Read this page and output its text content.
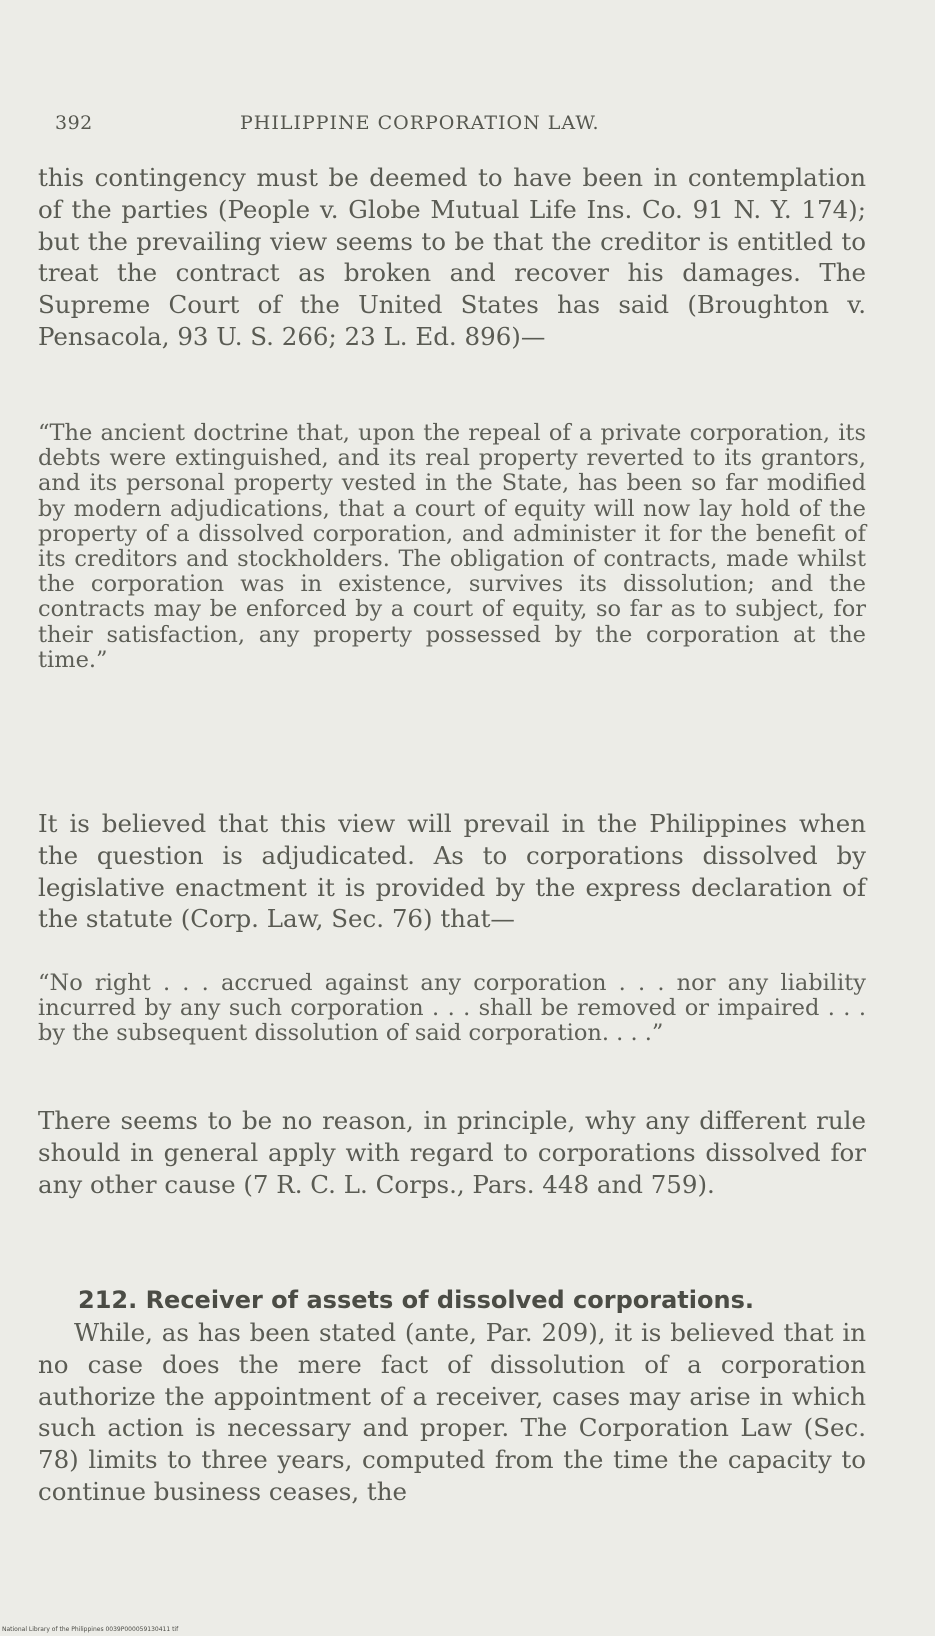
392	PHILIPPINE CORPORATION LAW.

this contingency must be deemed to have been in contemplation of the parties (People v. Globe Mutual Life Ins. Co. 91 N. Y. 174); but the prevailing view seems to be that the creditor is entitled to treat the contract as broken and recover his damages. The Supreme Court of the United States has said (Broughton v. Pensacola, 93 U. S. 266; 23 L. Ed. 896)—

“The ancient doctrine that, upon the repeal of a private corporation, its debts were extinguished, and its real property reverted to its grantors, and its personal property vested in the State, has been so far modified by modern adjudications, that a court of equity will now lay hold of the property of a dissolved corporation, and administer it for the benefit of its creditors and stockholders. The obligation of contracts, made whilst the corporation was in existence, survives its dissolution; and the contracts may be enforced by a court of equity, so far as to subject, for their satisfaction, any property possessed by the corporation at the time.”

It is believed that this view will prevail in the Philippines when the question is adjudicated. As to corporations dissolved by legislative enactment it is provided by the express declaration of the statute (Corp. Law, Sec. 76) that—

“No right . . . accrued against any corporation . . . nor any liability incurred by any such corporation . . . shall be removed or impaired . . . by the subsequent dissolution of said corporation. . . .”

There seems to be no reason, in principle, why any different rule should in general apply with regard to corporations dissolved for any other cause (7 R. C. L. Corps., Pars. 448 and 759).

212. Receiver of assets of dissolved corporations.

While, as has been stated (ante, Par. 209), it is believed that in no case does the mere fact of dissolution of a corporation authorize the appointment of a receiver, cases may arise in which such action is necessary and proper. The Corporation Law (Sec. 78) limits to three years, computed from the time the capacity to continue business ceases, the

National Library of the Philippines 0039P000059130411 tif
